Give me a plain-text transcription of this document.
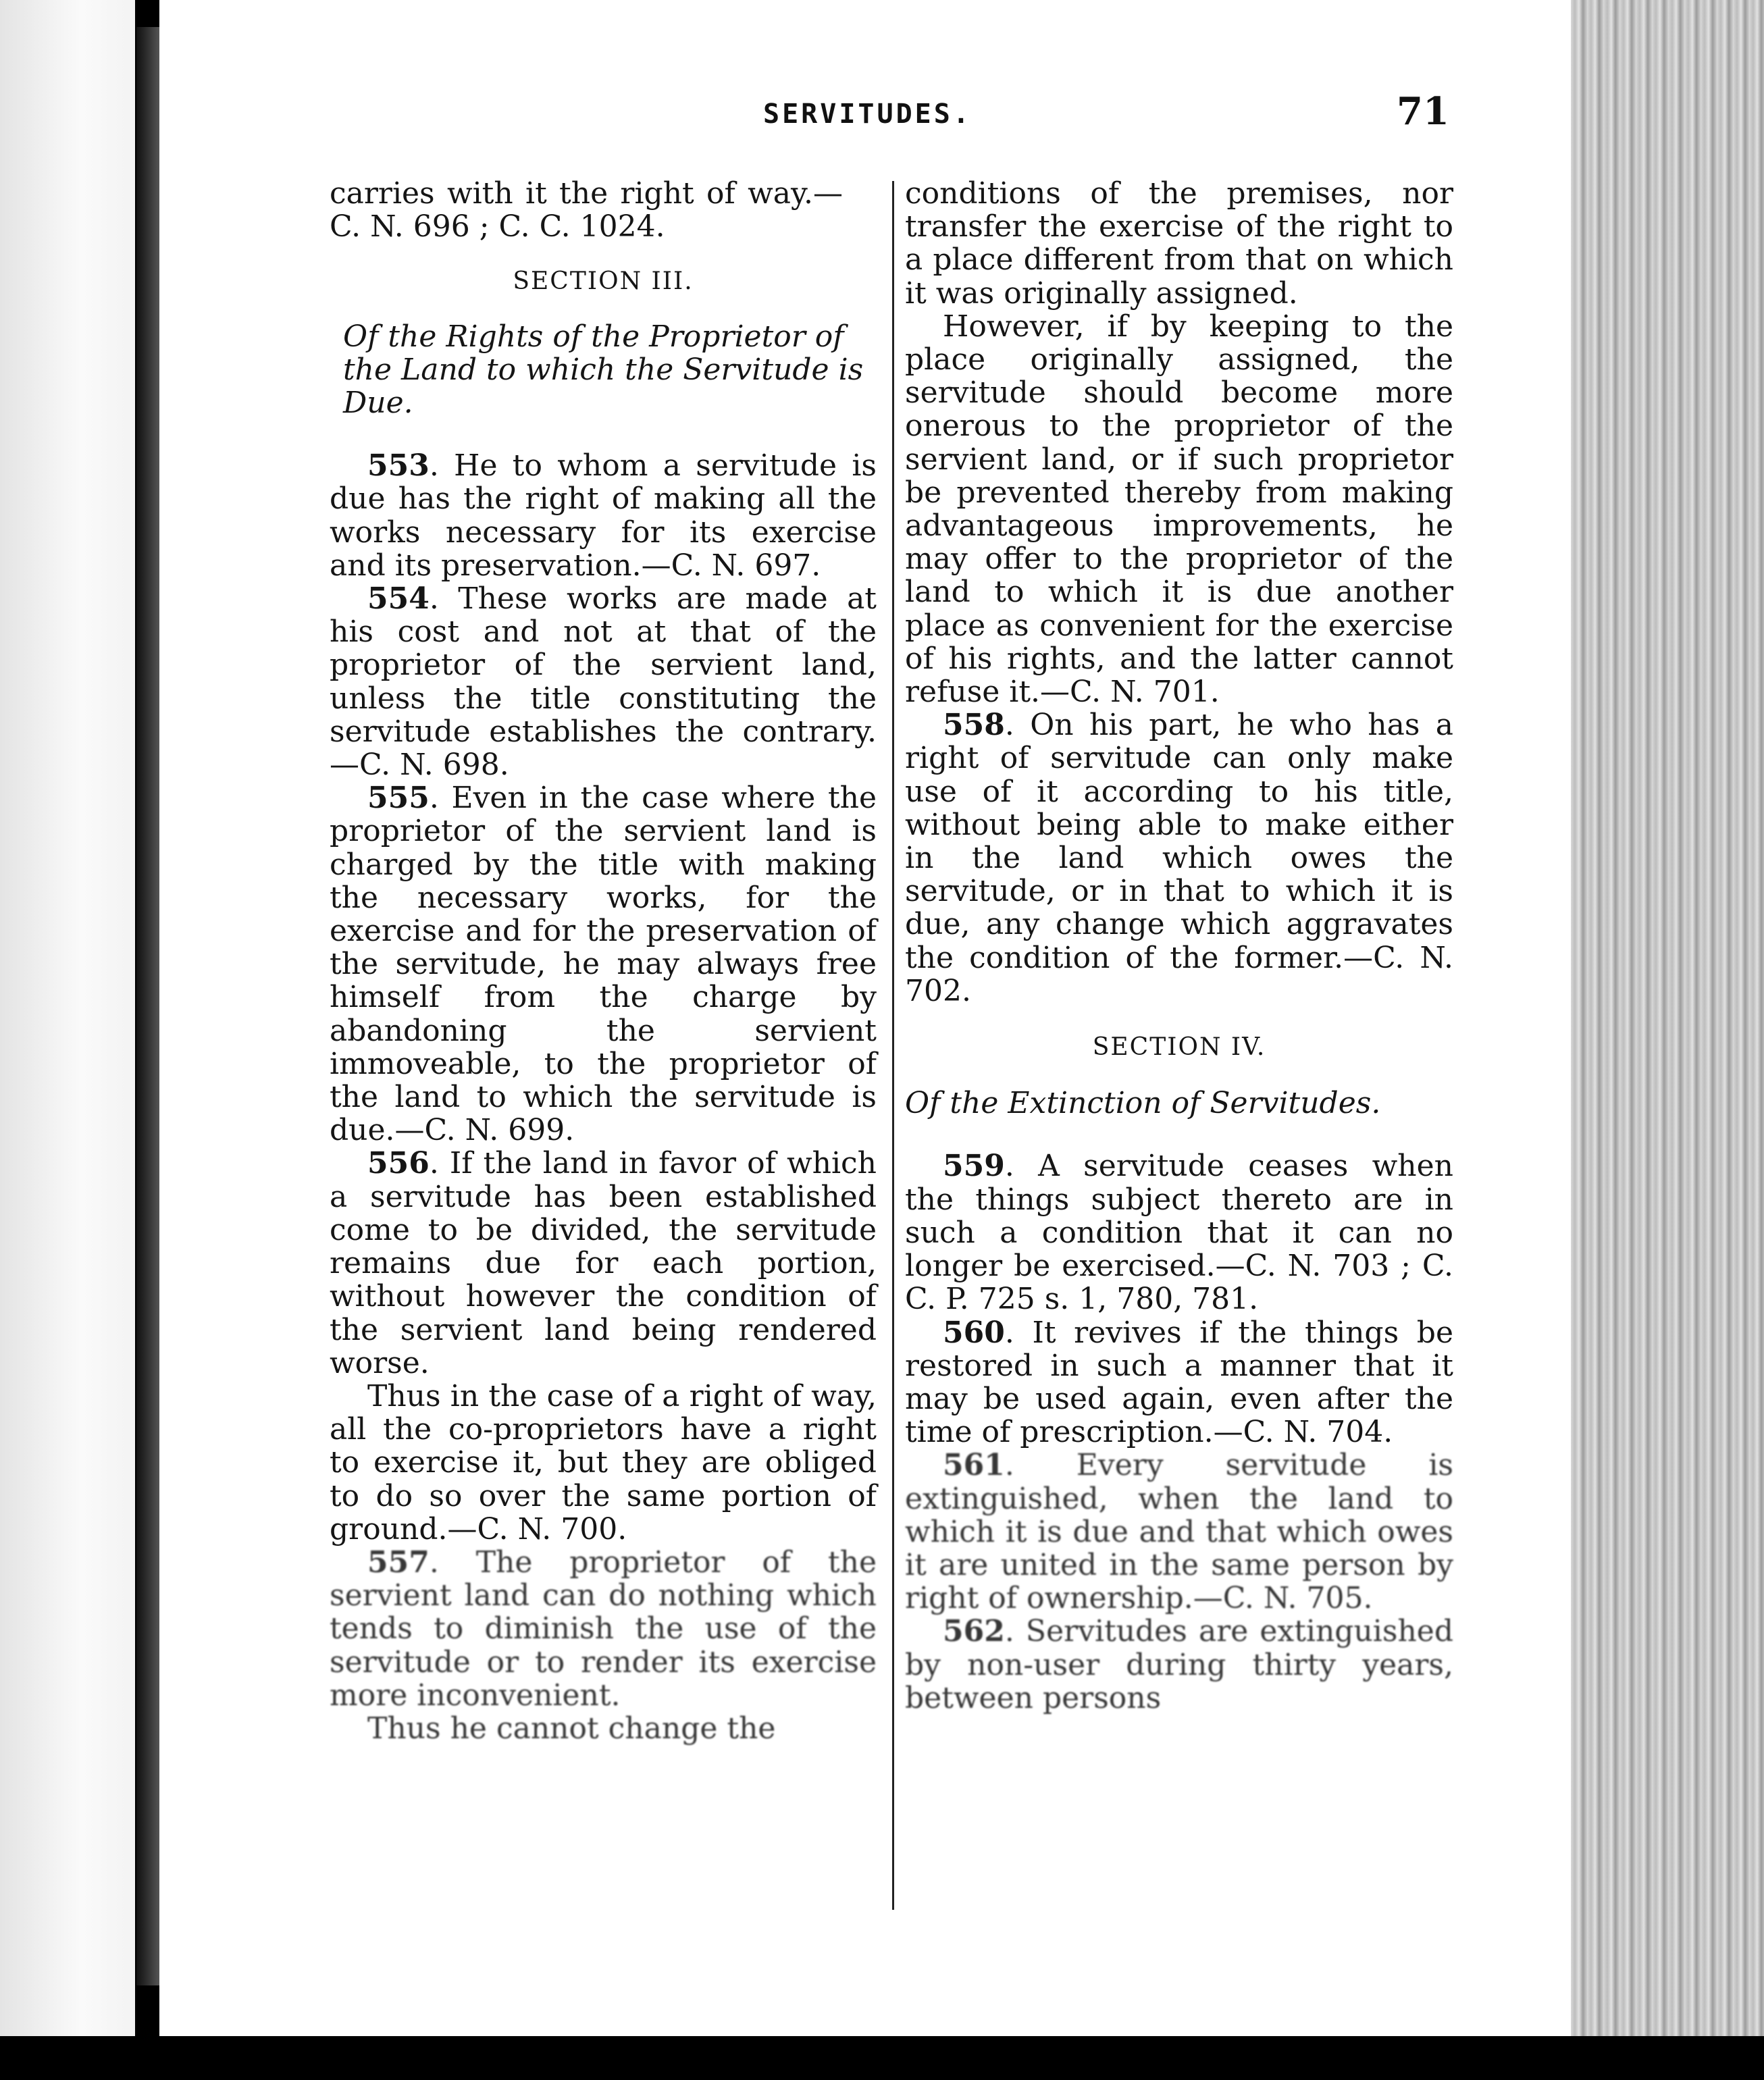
SERVITUDES.	71

carries with it the right of way.—C. N. 696 ; C. C. 1024.

SECTION III.

Of the Rights of the Proprietor of the Land to which the Servitude is Due.

553. He to whom a servitude is due has the right of making all the works necessary for its exercise and its preservation.—C. N. 697.

554. These works are made at his cost and not at that of the proprietor of the servient land, unless the title constituting the servitude establishes the contrary.—C. N. 698.

555. Even in the case where the proprietor of the servient land is charged by the title with making the necessary works, for the exercise and for the preservation of the servitude, he may always free himself from the charge by abandoning the servient immoveable, to the proprietor of the land to which the servitude is due.—C. N. 699.

556. If the land in favor of which a servitude has been established come to be divided, the servitude remains due for each portion, without however the condition of the servient land being rendered worse.

Thus in the case of a right of way, all the co-proprietors have a right to exercise it, but they are obliged to do so over the same portion of ground.—C. N. 700.

557. The proprietor of the servient land can do nothing which tends to diminish the use of the servitude or to render its exercise more inconvenient.

Thus he cannot change the

conditions of the premises, nor transfer the exercise of the right to a place different from that on which it was originally assigned.

However, if by keeping to the place originally assigned, the servitude should become more onerous to the proprietor of the servient land, or if such proprietor be prevented thereby from making advantageous improvements, he may offer to the proprietor of the land to which it is due another place as convenient for the exercise of his rights, and the latter cannot refuse it.—C. N. 701.

558. On his part, he who has a right of servitude can only make use of it according to his title, without being able to make either in the land which owes the servitude, or in that to which it is due, any change which aggravates the condition of the former.—C. N. 702.

SECTION IV.

Of the Extinction of Servitudes.

559. A servitude ceases when the things subject thereto are in such a condition that it can no longer be exercised.—C. N. 703 ; C. C. P. 725 s. 1, 780, 781.

560. It revives if the things be restored in such a manner that it may be used again, even after the time of prescription.—C. N. 704.

561. Every servitude is extinguished, when the land to which it is due and that which owes it are united in the same person by right of ownership.—C. N. 705.

562. Servitudes are extinguished by non-user during thirty years, between persons
